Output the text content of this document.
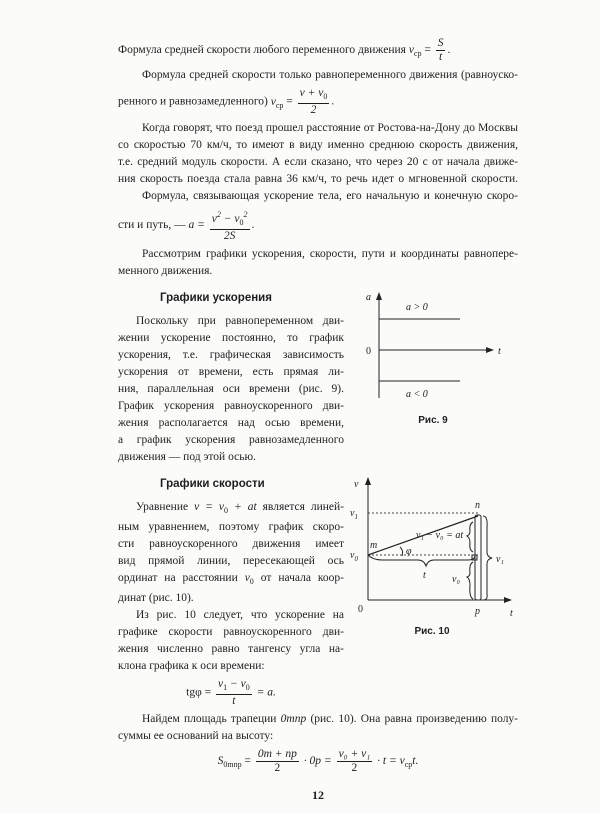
Формула средней скорости любого переменного движения $v_{ср} = \frac{S}{t}$ .
Формула средней скорости только равнопеременного движения (равноуско-
ренного и равнозамедленного) $v_{ср} = \frac{v + v_0}{2}$ .
Когда говорят, что поезд прошел расстояние от Ростова-на-Дону до Москвы
со скоростью 70 км/ч, то имеют в виду именно среднюю скорость движения,
т.е. средний модуль скорости. А если сказано, что через 20 с от начала движе-
ния скорость поезда стала равна 36 км/ч, то речь идет о мгновенной скорости.
Формула, связывающая ускорение тела, его начальную и конечную скоро-
сти и путь, — $a = \frac{v^2 - v_0^2}{2S}$ .
Рассмотрим графики ускорения, скорости, пути и координаты равнопере-
менного движения.
Графики ускорения
Поскольку при равнопеременном дви-
жении ускорение постоянно, то график
ускорения, т.е. графическая зависимость
ускорения от времени, есть прямая ли-
ния, параллельная оси времени (рис. 9).
График ускорения равноускоренного дви-
жения располагается над осью времени,
а график ускорения равнозамедленного
движения — под этой осью.
a
t
0
a > 0
a < 0
Рис. 9
Графики скорости
Уравнение $v = v_0$ + at является линей-
ным уравнением, поэтому график скоро-
сти равноускоренного движения имеет
вид прямой линии, пересекающей ось
ординат на расстоянии $v_0$ от начала коор-
динат (рис. 10).
Из рис. 10 следует, что ускорение на
графике скорости равноускоренного дви-
жения численно равно тангенсу угла на-
клона графика к оси времени:
$tg\varphi = \frac{v_1 - v_0}{t} = a$.
v
t
0
$v_1$
$v_0$
n
m
p
φ
v₁ − v₀ = at
t
v₁
v₀
Рис. 10
Найдем площадь трапеции 0mnp (рис. 10). Она равна произведению полу-
суммы ее оснований на высоту:
$S_{0mnp} = \frac{0m + np}{2} \cdot 0p = \frac{\text{v₀ + v₁}}{2} \cdot t = v_{ср}t$.
12
